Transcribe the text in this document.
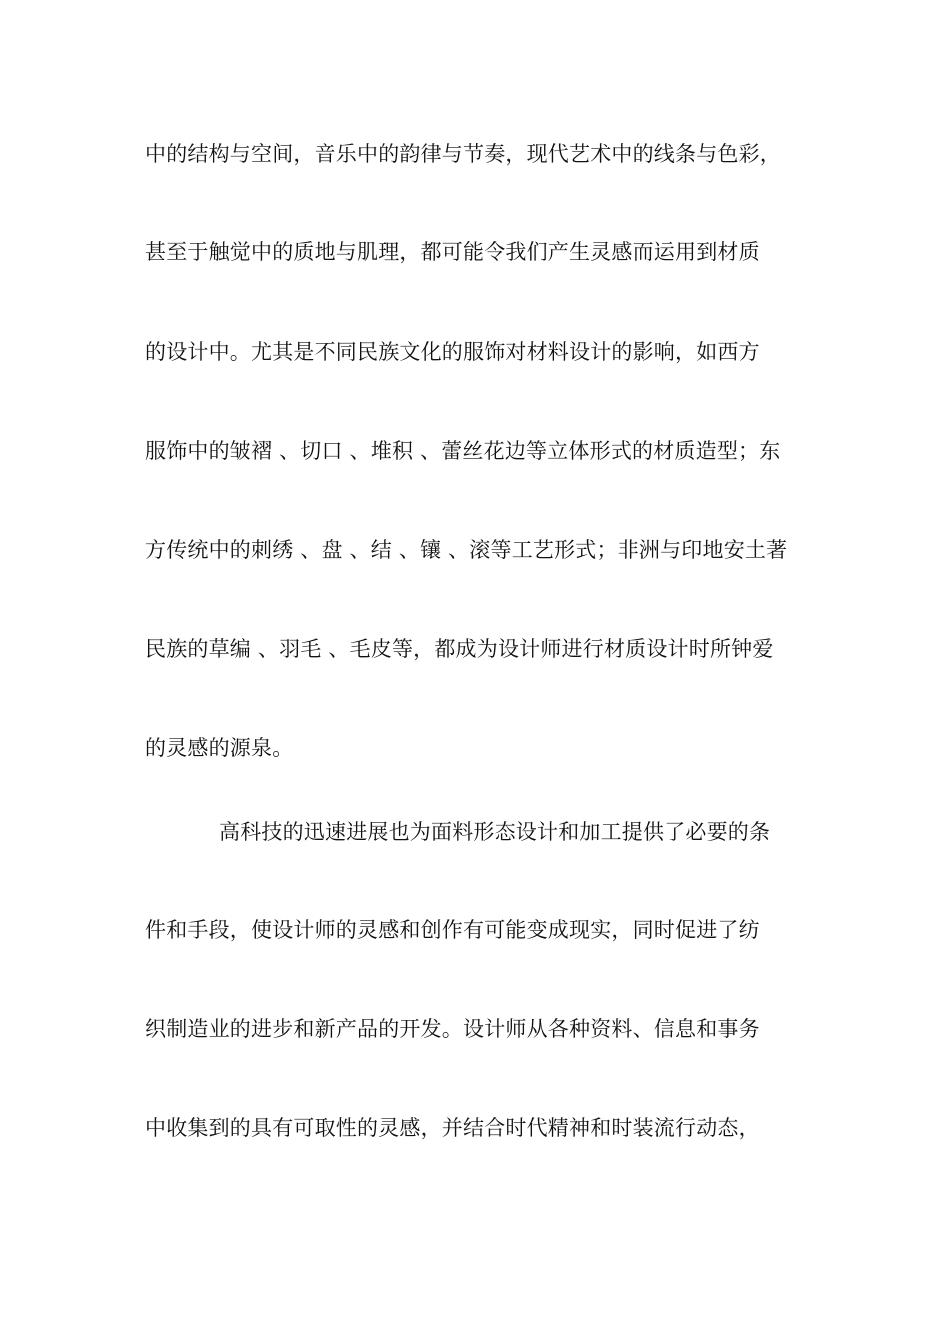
中的结构与空间，音乐中的韵律与节奏，现代艺术中的线条与色彩，
甚至于触觉中的质地与肌理，都可能令我们产生灵感而运用到材质
的设计中。尤其是不同民族文化的服饰对材料设计的影响，如西方
服饰中的皱褶 、切口 、堆积 、蕾丝花边等立体形式的材质造型；东
方传统中的刺绣 、盘 、结 、镶 、滚等工艺形式；非洲与印地安土著
民族的草编 、羽毛 、毛皮等，都成为设计师进行材质设计时所钟爱
的灵感的源泉。
高科技的迅速进展也为面料形态设计和加工提供了必要的条
件和手段，使设计师的灵感和创作有可能变成现实，同时促进了纺
织制造业的进步和新产品的开发。设计师从各种资料、信息和事务
中收集到的具有可取性的灵感，并结合时代精神和时装流行动态，
